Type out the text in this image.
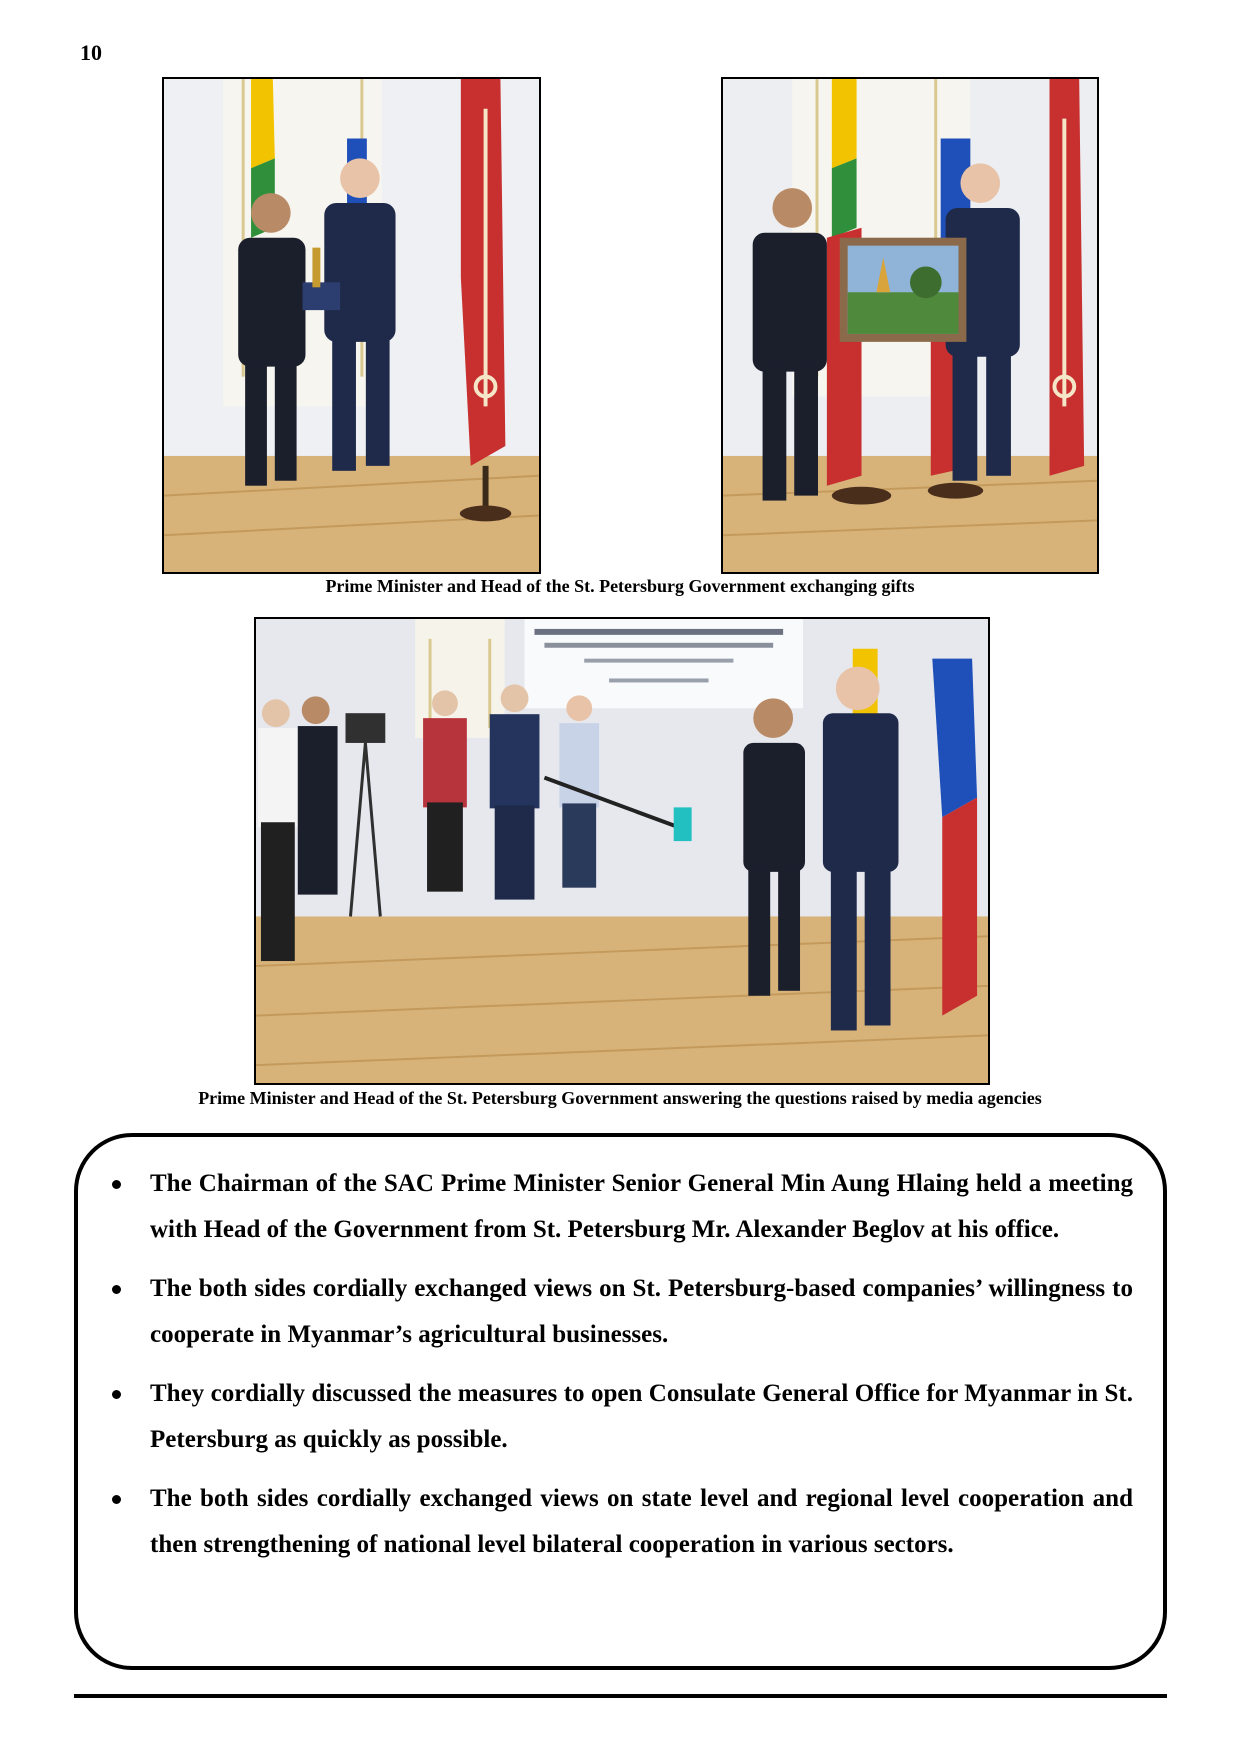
10
Prime Minister and Head of the St. Petersburg Government exchanging gifts
Prime Minister and Head of the St. Petersburg Government answering the questions raised by media agencies
The Chairman of the SAC Prime Minister Senior General Min Aung Hlaing held a meeting with Head of the Government from St. Petersburg Mr. Alexander Beglov at his office.
The both sides cordially exchanged views on St. Petersburg-based companies’ willingness to cooperate in Myanmar’s agricultural businesses.
They cordially discussed the measures to open Consulate General Office for Myanmar in St. Petersburg as quickly as possible.
The both sides cordially exchanged views on state level and regional level cooperation and then strengthening of national level bilateral cooperation in various sectors.
